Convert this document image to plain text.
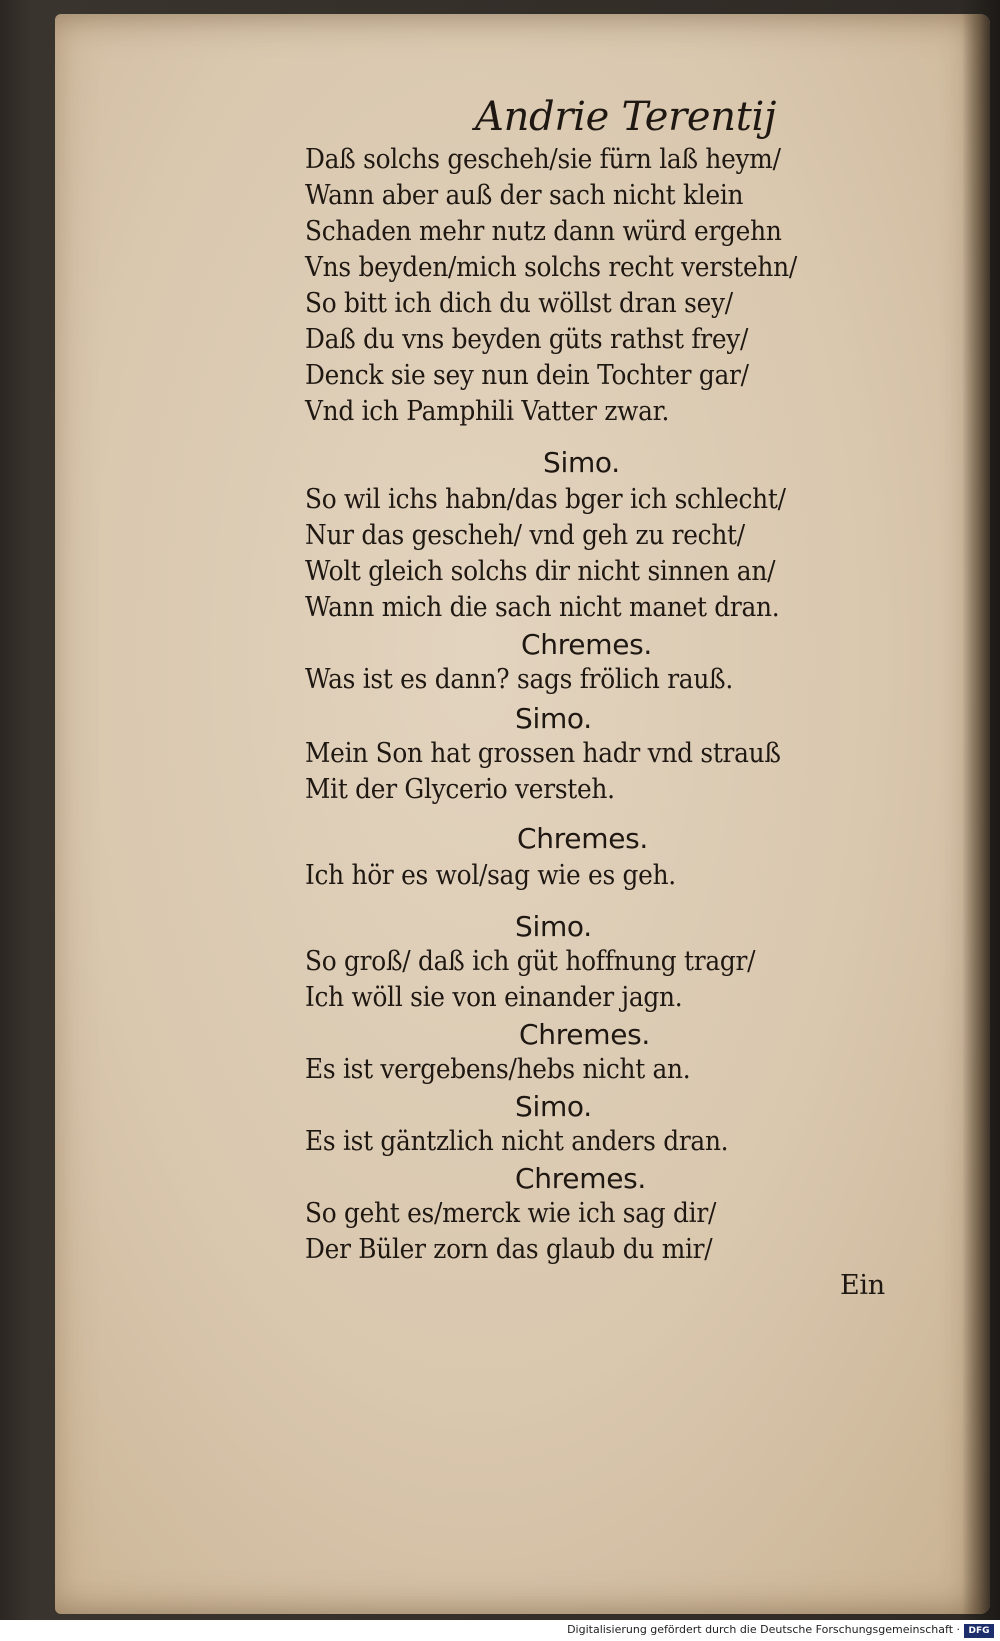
Andrie Terentij
Daß solchs gescheh/sie fürn laß heym/
Wann aber auß der sach nicht klein
Schaden mehr nutz dann würd ergehn
Vns beyden/mich solchs recht verstehn/
So bitt ich dich du wöllst dran sey/
Daß du vns beyden güts rathst frey/
Denck sie sey nun dein Tochter gar/
Vnd ich Pamphili Vatter zwar.
Simo.
So wil ichs habn/das bger ich schlecht/
Nur das gescheh/ vnd geh zu recht/
Wolt gleich solchs dir nicht sinnen an/
Wann mich die sach nicht manet dran.
Chremes.
Was ist es dann? sags frölich rauß.
Simo.
Mein Son hat grossen hadr vnd strauß
Mit der Glycerio versteh.
Chremes.
Ich hör es wol/sag wie es geh.
Simo.
So groß/ daß ich güt hoffnung tragr/
Ich wöll sie von einander jagn.
Chremes.
Es ist vergebens/hebs nicht an.
Simo.
Es ist gäntzlich nicht anders dran.
Chremes.
So geht es/merck wie ich sag dir/
Der Büler zorn das glaub du mir/
Ein
Digitalisierung gefördert durch die Deutsche Forschungsgemeinschaft · DFG
